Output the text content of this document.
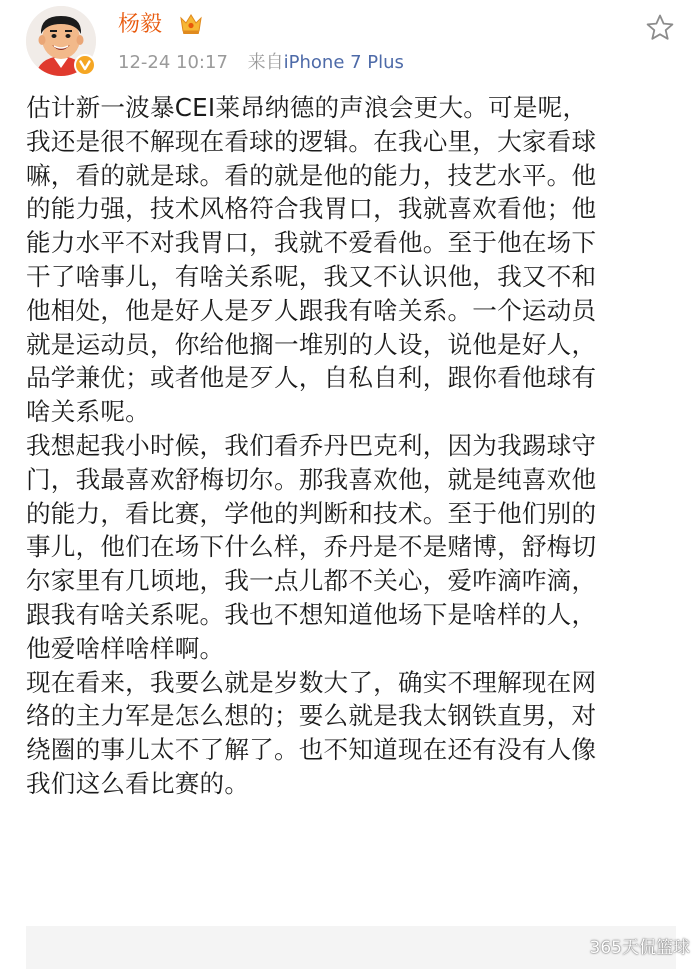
杨毅
12-24 10:17 来自iPhone 7 Plus

估计新一波暴CEI莱昂纳德的声浪会更大。可是呢，
我还是很不解现在看球的逻辑。在我心里，大家看球
嘛，看的就是球。看的就是他的能力，技艺水平。他
的能力强，技术风格符合我胃口，我就喜欢看他；他
能力水平不对我胃口，我就不爱看他。至于他在场下
干了啥事儿，有啥关系呢，我又不认识他，我又不和
他相处，他是好人是歹人跟我有啥关系。一个运动员
就是运动员，你给他搁一堆别的人设，说他是好人，
品学兼优；或者他是歹人，自私自利，跟你看他球有
啥关系呢。

我想起我小时候，我们看乔丹巴克利，因为我踢球守
门，我最喜欢舒梅切尔。那我喜欢他，就是纯喜欢他
的能力，看比赛，学他的判断和技术。至于他们别的
事儿，他们在场下什么样，乔丹是不是赌博，舒梅切
尔家里有几顷地，我一点儿都不关心，爱咋滴咋滴，
跟我有啥关系呢。我也不想知道他场下是啥样的人，
他爱啥样啥样啊。

现在看来，我要么就是岁数大了，确实不理解现在网
络的主力军是怎么想的；要么就是我太钢铁直男，对
绕圈的事儿太不了解了。也不知道现在还有没有人像
我们这么看比赛的。

365天侃篮球
